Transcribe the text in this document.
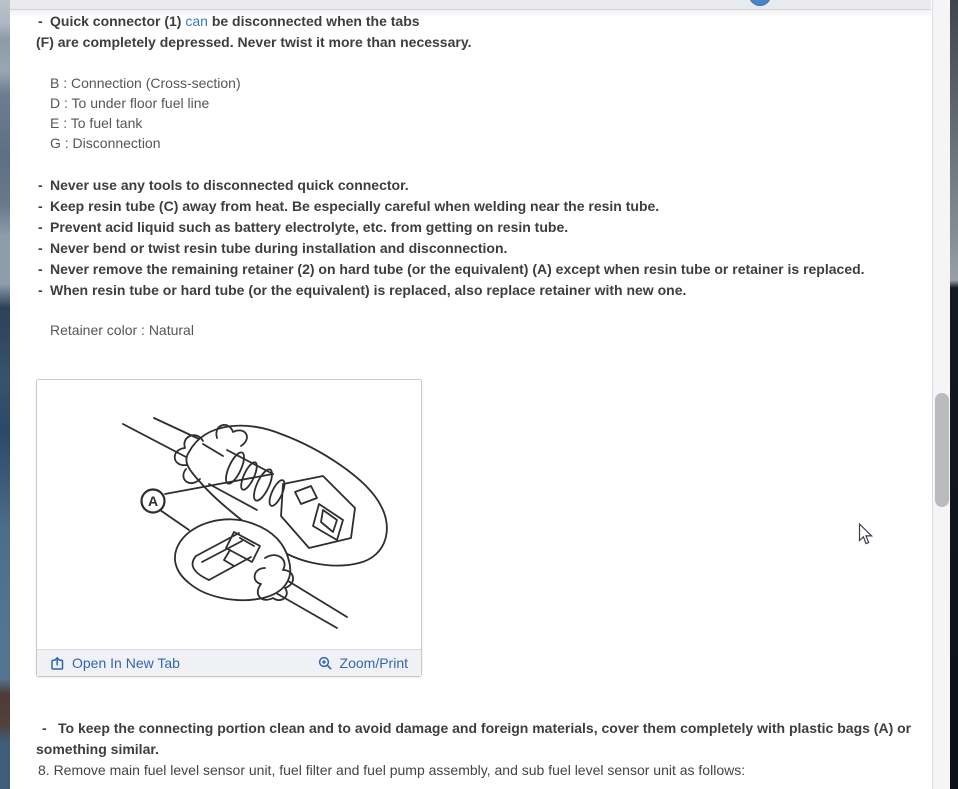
- Quick connector (1) can be disconnected when the tabs
(F) are completely depressed. Never twist it more than necessary.
B : Connection (Cross-section)
D : To under floor fuel line
E : To fuel tank
G : Disconnection
- Never use any tools to disconnected quick connector.
- Keep resin tube (C) away from heat. Be especially careful when welding near the resin tube.
- Prevent acid liquid such as battery electrolyte, etc. from getting on resin tube.
- Never bend or twist resin tube during installation and disconnection.
- Never remove the remaining retainer (2) on hard tube (or the equivalent) (A) except when resin tube or retainer is replaced.
- When resin tube or hard tube (or the equivalent) is replaced, also replace retainer with new one.
Retainer color : Natural
A
Open In New Tab	Zoom/Print
- To keep the connecting portion clean and to avoid damage and foreign materials, cover them completely with plastic bags (A) or
something similar.
8. Remove main fuel level sensor unit, fuel filter and fuel pump assembly, and sub fuel level sensor unit as follows:
